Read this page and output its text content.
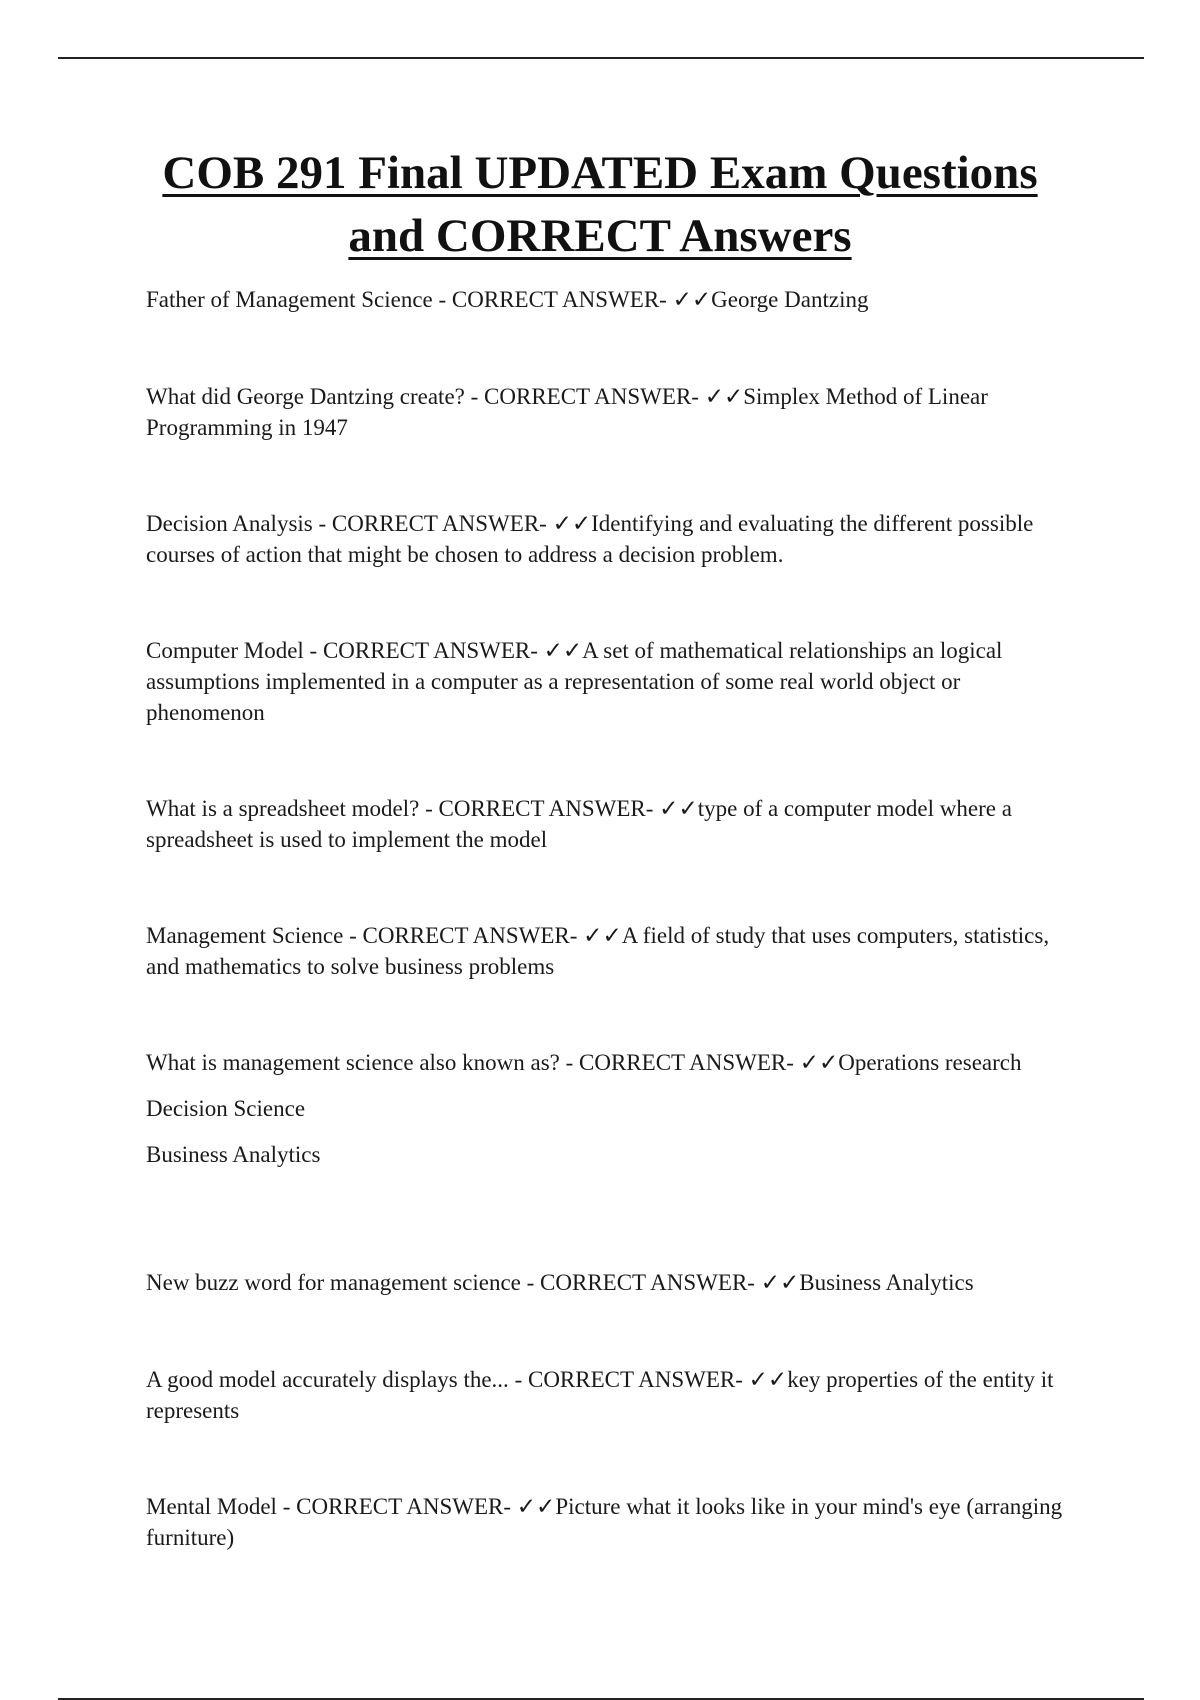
COB 291 Final UPDATED Exam Questions
and CORRECT Answers

Father of Management Science - CORRECT ANSWER- ✓✓George Dantzing

What did George Dantzing create? - CORRECT ANSWER- ✓✓Simplex Method of Linear Programming in 1947

Decision Analysis - CORRECT ANSWER- ✓✓Identifying and evaluating the different possible courses of action that might be chosen to address a decision problem.

Computer Model - CORRECT ANSWER- ✓✓A set of mathematical relationships an logical assumptions implemented in a computer as a representation of some real world object or phenomenon

What is a spreadsheet model? - CORRECT ANSWER- ✓✓type of a computer model where a spreadsheet is used to implement the model

Management Science - CORRECT ANSWER- ✓✓A field of study that uses computers, statistics, and mathematics to solve business problems

What is management science also known as? - CORRECT ANSWER- ✓✓Operations research
Decision Science
Business Analytics

New buzz word for management science - CORRECT ANSWER- ✓✓Business Analytics

A good model accurately displays the... - CORRECT ANSWER- ✓✓key properties of the entity it represents

Mental Model - CORRECT ANSWER- ✓✓Picture what it looks like in your mind's eye (arranging furniture)
